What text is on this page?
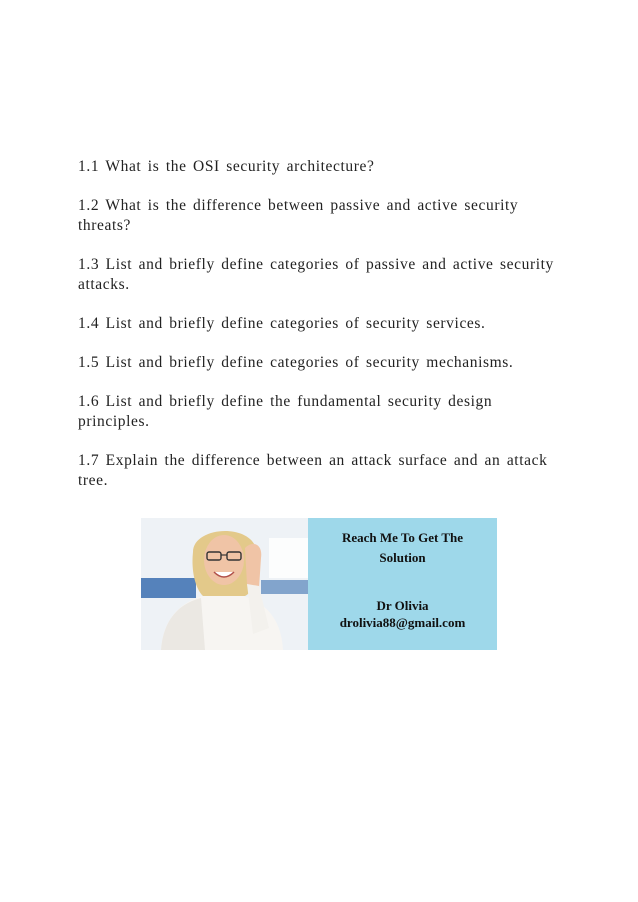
1.1 What is the OSI security architecture?

1.2 What is the difference between passive and active security threats?

1.3 List and briefly define categories of passive and active security attacks.

1.4 List and briefly define categories of security services.

1.5 List and briefly define categories of security mechanisms.

1.6 List and briefly define the fundamental security design principles.

1.7 Explain the difference between an attack surface and an attack tree.

Reach Me To Get The
Solution
Dr Olivia
drolivia88@gmail.com
